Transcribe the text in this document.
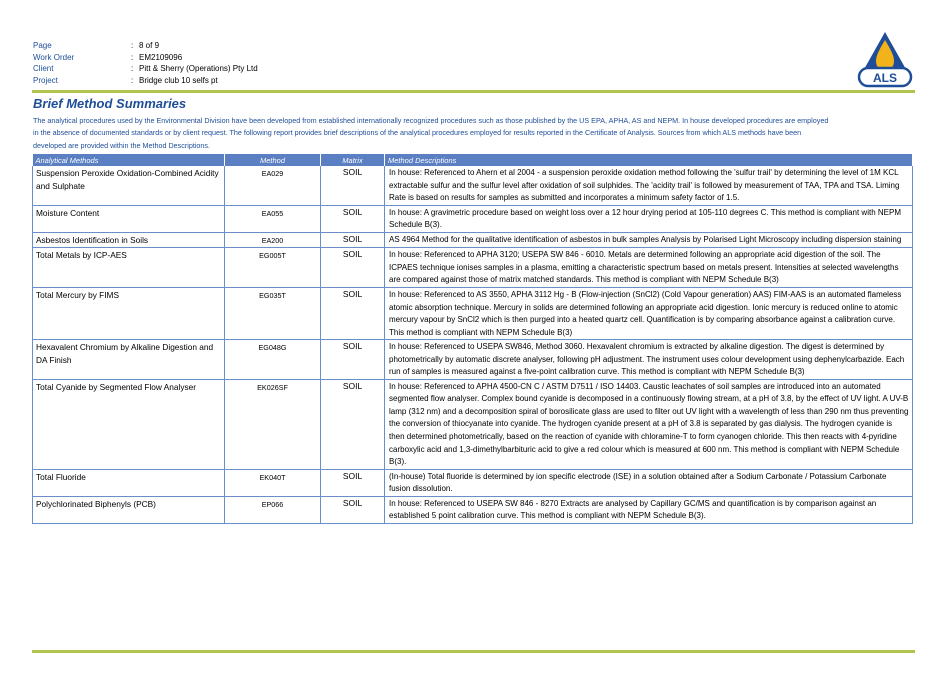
Page	: 8 of 9
Work Order	: EM2109096
Client	: Pitt & Sherry (Operations) Pty Ltd
Project	: Bridge club 10 selfs pt	ALS
Brief Method Summaries
The analytical procedures used by the Environmental Division have been developed from established internationally recognized procedures such as those published by the US EPA, APHA, AS and NEPM. In house developed procedures are employed in the absence of documented standards or by client request. The following report provides brief descriptions of the analytical procedures employed for results reported in the Certificate of Analysis. Sources from which ALS methods have been developed are provided within the Method Descriptions.
Analytical Methods	Method	Matrix	Method Descriptions
Suspension Peroxide Oxidation-Combined Acidity and Sulphate	EA029	SOIL	In house: Referenced to Ahern et al 2004 - a suspension peroxide oxidation method following the 'sulfur trail' by determining the level of 1M KCL extractable sulfur and the sulfur level after oxidation of soil sulphides. The 'acidity trail' is followed by measurement of TAA, TPA and TSA. Liming Rate is based on results for samples as submitted and incorporates a minimum safety factor of 1.5.
Moisture Content	EA055	SOIL	In house: A gravimetric procedure based on weight loss over a 12 hour drying period at 105-110 degrees C. This method is compliant with NEPM Schedule B(3).
Asbestos Identification in Soils	EA200	SOIL	AS 4964 Method for the qualitative identification of asbestos in bulk samples Analysis by Polarised Light Microscopy including dispersion staining
Total Metals by ICP-AES	EG005T	SOIL	In house: Referenced to APHA 3120; USEPA SW 846 - 6010. Metals are determined following an appropriate acid digestion of the soil. The ICPAES technique ionises samples in a plasma, emitting a characteristic spectrum based on metals present. Intensities at selected wavelengths are compared against those of matrix matched standards. This method is compliant with NEPM Schedule B(3)
Total Mercury by FIMS	EG035T	SOIL	In house: Referenced to AS 3550, APHA 3112 Hg - B (Flow-injection (SnCl2) (Cold Vapour generation) AAS) FIM-AAS is an automated flameless atomic absorption technique. Mercury in solids are determined following an appropriate acid digestion. Ionic mercury is reduced online to atomic mercury vapour by SnCl2 which is then purged into a heated quartz cell. Quantification is by comparing absorbance against a calibration curve. This method is compliant with NEPM Schedule B(3)
Hexavalent Chromium by Alkaline Digestion and DA Finish	EG048G	SOIL	In house: Referenced to USEPA SW846, Method 3060. Hexavalent chromium is extracted by alkaline digestion. The digest is determined by photometrically by automatic discrete analyser, following pH adjustment. The instrument uses colour development using dephenylcarbazide. Each run of samples is measured against a five-point calibration curve. This method is compliant with NEPM Schedule B(3)
Total Cyanide by Segmented Flow Analyser	EK026SF	SOIL	In house: Referenced to APHA 4500-CN C / ASTM D7511 / ISO 14403. Caustic leachates of soil samples are introduced into an automated segmented flow analyser. Complex bound cyanide is decomposed in a continuously flowing stream, at a pH of 3.8, by the effect of UV light. A UV-B lamp (312 nm) and a decomposition spiral of borosilicate glass are used to filter out UV light with a wavelength of less than 290 nm thus preventing the conversion of thiocyanate into cyanide. The hydrogen cyanide present at a pH of 3.8 is separated by gas dialysis. The hydrogen cyanide is then determined photometrically, based on the reaction of cyanide with chloramine-T to form cyanogen chloride. This then reacts with 4-pyridine carboxylic acid and 1,3-dimethylbarbituric acid to give a red colour which is measured at 600 nm. This method is compliant with NEPM Schedule B(3).
Total Fluoride	EK040T	SOIL	(In-house) Total fluoride is determined by ion specific electrode (ISE) in a solution obtained after a Sodium Carbonate / Potassium Carbonate fusion dissolution.
Polychlorinated Biphenyls (PCB)	EP066	SOIL	In house: Referenced to USEPA SW 846 - 8270 Extracts are analysed by Capillary GC/MS and quantification is by comparison against an established 5 point calibration curve. This method is compliant with NEPM Schedule B(3).
